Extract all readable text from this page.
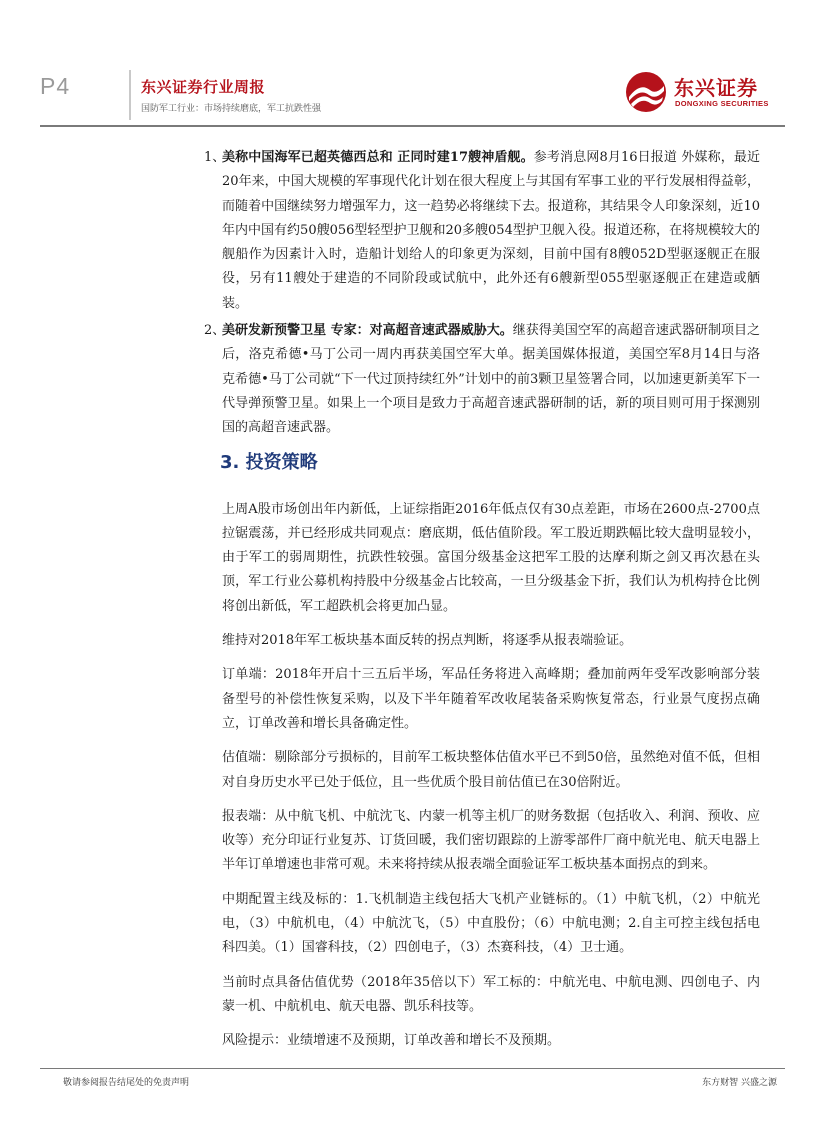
P4	东兴证券行业周报
国防军工行业：市场持续磨底，军工抗跌性强
东兴证券
DONGXING SECURITIES
1、

美称中国海军已超英德西总和 正同时建17艘神盾舰。参考消息网8月16日报道 外媒称，最近20年来，中国大规模的军事现代化计划在很大程度上与其国有军事工业的平行发展相得益彰，而随着中国继续努力增强军力，这一趋势必将继续下去。报道称，其结果令人印象深刻，近10年内中国有约50艘056型轻型护卫舰和20多艘054型护卫舰入役。报道还称，在将规模较大的舰船作为因素计入时，造船计划给人的印象更为深刻，目前中国有8艘052D型驱逐舰正在服役，另有11艘处于建造的不同阶段或试航中，此外还有6艘新型055型驱逐舰正在建造或舾装。

2、

美研发新预警卫星 专家：对高超音速武器威胁大。继获得美国空军的高超音速武器研制项目之后，洛克希德•马丁公司一周内再获美国空军大单。据美国媒体报道，美国空军8月14日与洛克希德•马丁公司就“下一代过顶持续红外”计划中的前3颗卫星签署合同，以加速更新美军下一代导弹预警卫星。如果上一个项目是致力于高超音速武器研制的话，新的项目则可用于探测别国的高超音速武器。

3. 投资策略

上周A股市场创出年内新低，上证综指距2016年低点仅有30点差距，市场在2600点-2700点拉锯震荡，并已经形成共同观点：磨底期，低估值阶段。军工股近期跌幅比较大盘明显较小，由于军工的弱周期性，抗跌性较强。富国分级基金这把军工股的达摩利斯之剑又再次悬在头顶，军工行业公募机构持股中分级基金占比较高，一旦分级基金下折，我们认为机构持仓比例将创出新低，军工超跌机会将更加凸显。

维持对2018年军工板块基本面反转的拐点判断，将逐季从报表端验证。

订单端：2018年开启十三五后半场，军品任务将进入高峰期；叠加前两年受军改影响部分装备型号的补偿性恢复采购，以及下半年随着军改收尾装备采购恢复常态，行业景气度拐点确立，订单改善和增长具备确定性。

估值端：剔除部分亏损标的，目前军工板块整体估值水平已不到50倍，虽然绝对值不低，但相对自身历史水平已处于低位，且一些优质个股目前估值已在30倍附近。

报表端：从中航飞机、中航沈飞、内蒙一机等主机厂的财务数据（包括收入、利润、预收、应收等）充分印证行业复苏、订货回暖，我们密切跟踪的上游零部件厂商中航光电、航天电器上半年订单增速也非常可观。未来将持续从报表端全面验证军工板块基本面拐点的到来。

中期配置主线及标的：1.飞机制造主线包括大飞机产业链标的。（1）中航飞机，（2）中航光电，（3）中航机电，（4）中航沈飞，（5）中直股份；（6）中航电测；2.自主可控主线包括电科四美。（1）国睿科技，（2）四创电子，（3）杰赛科技，（4）卫士通。

当前时点具备估值优势（2018年35倍以下）军工标的：中航光电、中航电测、四创电子、内蒙一机、中航机电、航天电器、凯乐科技等。

风险提示：业绩增速不及预期，订单改善和增长不及预期。

敬请参阅报告结尾处的免责声明	东方财智 兴盛之源
